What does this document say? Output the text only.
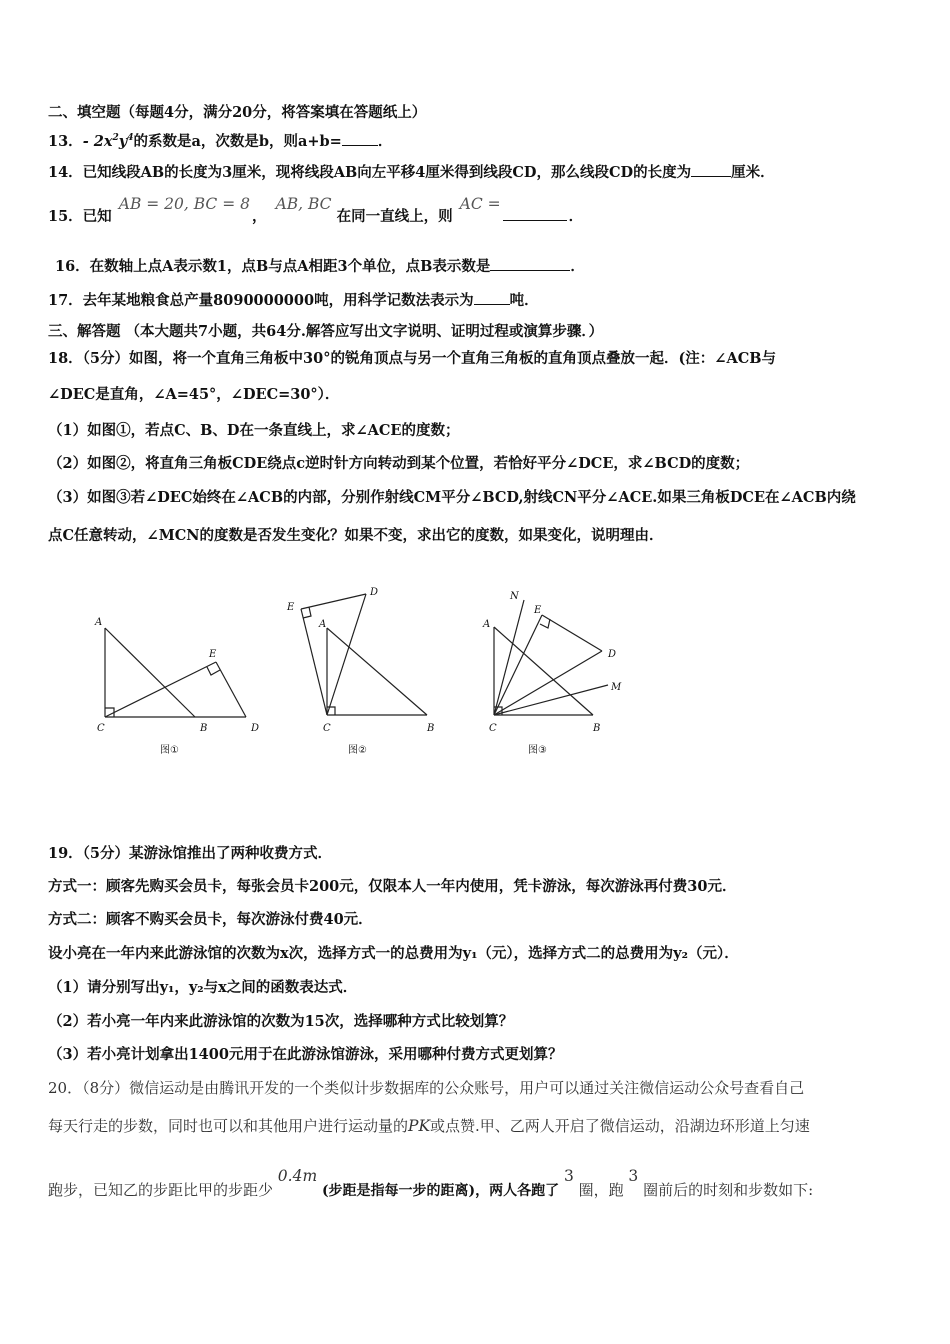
二、填空题（每题4分，满分20分，将答案填在答题纸上）
13．- $2x^2y^4$的系数是a，次数是b，则a+b= ．
14．已知线段AB的长度为3厘米，现将线段AB向左平移4厘米得到线段CD，那么线段CD的长度为	厘米．
15．已知 AB = 20, BC = 8， AB, BC 在同一直线上，则 AC =．
16．在数轴上点A表示数1，点B与点A相距3个单位，点B表示数是	．
17．去年某地粮食总产量8090000000吨，用科学记数法表示为 吨．
三、解答题 （本大题共7小题，共64分.解答应写出文字说明、证明过程或演算步骤．）
18．（5分）如图，将一个直角三角板中30°的锐角顶点与另一个直角三角板的直角顶点叠放一起．(注：∠ACB与
∠DEC是直角，∠A=45°，∠DEC=30°）．
（1）如图①，若点C、B、D在一条直线上，求∠ACE的度数；
（2）如图②，将直角三角板CDE绕点c逆时针方向转动到某个位置，若恰好平分∠DCE，求∠BCD的度数；
（3）如图③若∠DEC始终在∠ACB的内部，分别作射线CM平分∠BCD,射线CN平分∠ACE.如果三角板DCE在∠ACB内绕
点C任意转动，∠MCN的度数是否发生变化？如果不变，求出它的度数，如果变化，说明理由．
A
C	B	D
E
图①
E
D
A
C	B
图②
N
E
A
D
M
C	B
图③
19．（5分）某游泳馆推出了两种收费方式．
方式一：顾客先购买会员卡，每张会员卡200元，仅限本人一年内使用，凭卡游泳，每次游泳再付费30元．
方式二：顾客不购买会员卡，每次游泳付费40元．
设小亮在一年内来此游泳馆的次数为x次，选择方式一的总费用为y₁（元），选择方式二的总费用为y₂（元）．
（1）请分别写出y₁，y₂与x之间的函数表达式．
（2）若小亮一年内来此游泳馆的次数为15次，选择哪种方式比较划算？
（3）若小亮计划拿出1400元用于在此游泳馆游泳，采用哪种付费方式更划算？
20．（8分）微信运动是由腾讯开发的一个类似计步数据库的公众账号，用户可以通过关注微信运动公众号查看自己
每天行走的步数，同时也可以和其他用户进行运动量的PK或点赞.甲、乙两人开启了微信运动，沿湖边环形道上匀速
跑步，已知乙的步距比甲的步距少 0.4m (步距是指每一步的距离)，两人各跑了 3 圈，跑 3 圈前后的时刻和步数如下:
